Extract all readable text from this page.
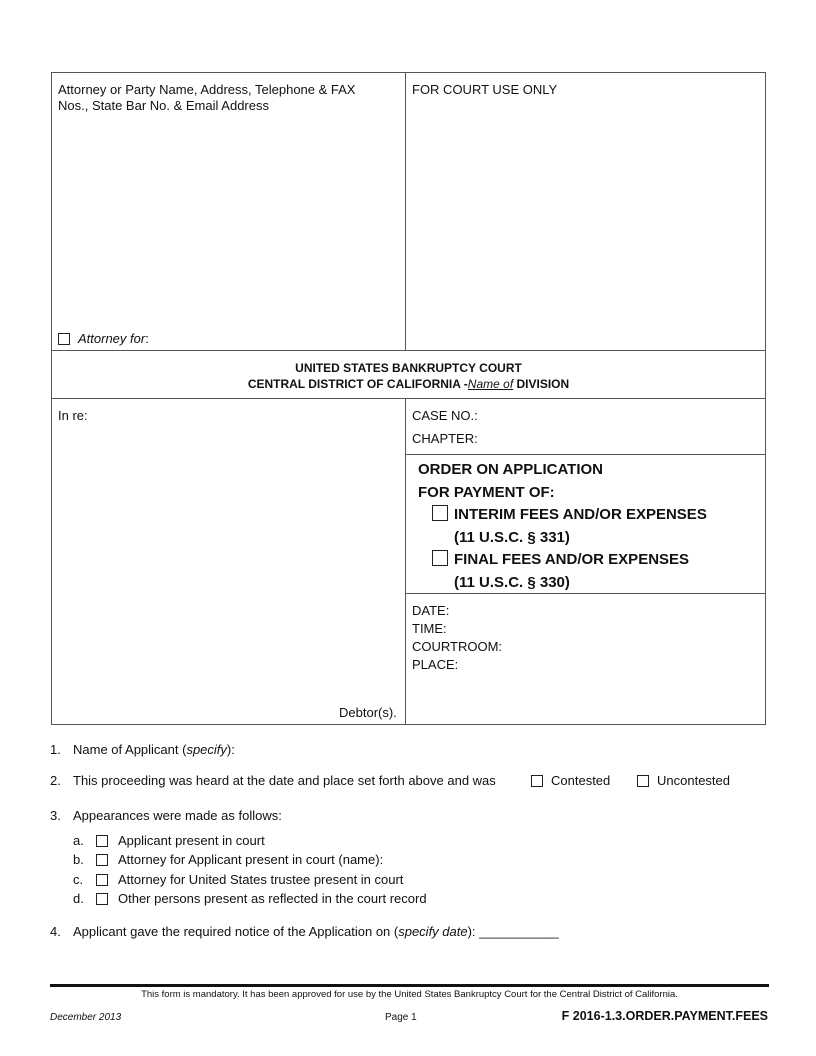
Attorney or Party Name, Address, Telephone & FAX
Nos., State Bar No. & Email Address
Attorney for:
FOR COURT USE ONLY
UNITED STATES BANKRUPTCY COURT
CENTRAL DISTRICT OF CALIFORNIA -Name of DIVISION
In re:
Debtor(s).
CASE NO.:
CHAPTER:
ORDER ON APPLICATION
FOR PAYMENT OF:
INTERIM FEES AND/OR EXPENSES
(11 U.S.C. § 331)
FINAL FEES AND/OR EXPENSES
(11 U.S.C. § 330)
DATE:
TIME:
COURTROOM:
PLACE:
1. Name of Applicant (specify):
2. This proceeding was heard at the date and place set forth above and was	Contested	Uncontested
3. Appearances were made as follows:
a.	Applicant present in court
b.	Attorney for Applicant present in court (name):
c.	Attorney for United States trustee present in court
d.	Other persons present as reflected in the court record
4. Applicant gave the required notice of the Application on (specify date): ___________
This form is mandatory. It has been approved for use by the United States Bankruptcy Court for the Central District of California.
December 2013	Page 1	F 2016-1.3.ORDER.PAYMENT.FEES
